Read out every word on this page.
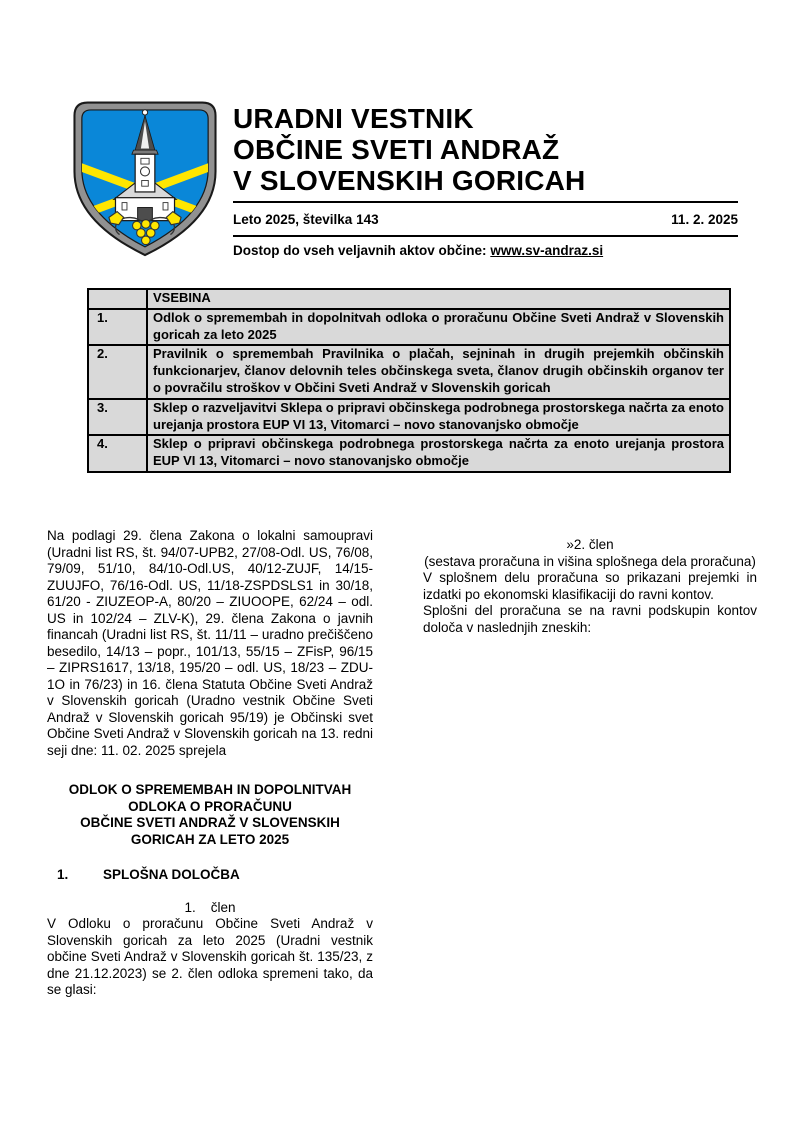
URADNI VESTNIK
OBČINE SVETI ANDRAŽ
V SLOVENSKIH GORICAH
Leto 2025, številka 143	11. 2. 2025
Dostop do vseh veljavnih aktov občine: www.sv-andraz.si
	VSEBINA
1.	Odlok o spremembah in dopolnitvah odloka o proračunu Občine Sveti Andraž v Slovenskih goricah za leto 2025
2.	Pravilnik o spremembah Pravilnika o plačah, sejninah in drugih prejemkih občinskih funkcionarjev, članov delovnih teles občinskega sveta, članov drugih občinskih organov ter o povračilu stroškov v Občini Sveti Andraž v Slovenskih goricah
3.	Sklep o razveljavitvi Sklepa o pripravi občinskega podrobnega prostorskega načrta za enoto urejanja prostora EUP VI 13, Vitomarci – novo stanovanjsko območje
4.	Sklep o pripravi občinskega podrobnega prostorskega načrta za enoto urejanja prostora EUP VI 13, Vitomarci – novo stanovanjsko območje

Na podlagi 29. člena Zakona o lokalni samoupravi (Uradni list RS, št. 94/07-UPB2, 27/08-Odl. US, 76/08, 79/09, 51/10, 84/10-Odl.US, 40/12-ZUJF, 14/15-ZUUJFO, 76/16-Odl. US, 11/18-ZSPDSLS1 in 30/18, 61/20 - ZIUZEOP-A, 80/20 – ZIUOOPE, 62/24 – odl. US in 102/24 – ZLV-K), 29. člena Zakona o javnih financah (Uradni list RS, št. 11/11 – uradno prečiščeno besedilo, 14/13 – popr., 101/13, 55/15 – ZFisP, 96/15 – ZIPRS1617, 13/18, 195/20 – odl. US, 18/23 – ZDU-1O in 76/23) in 16. člena Statuta Občine Sveti Andraž v Slovenskih goricah (Uradno vestnik Občine Sveti Andraž v Slovenskih goricah 95/19) je Občinski svet Občine Sveti Andraž v Slovenskih goricah na 13. redni seji dne: 11. 02. 2025 sprejela

ODLOK O SPREMEMBAH IN DOPOLNITVAH
ODLOKA O PRORAČUNU
OBČINE SVETI ANDRAŽ V SLOVENSKIH
GORICAH ZA LETO 2025
1.	SPLOŠNA DOLOČBA
1. člen

V Odloku o proračunu Občine Sveti Andraž v Slovenskih goricah za leto 2025 (Uradni vestnik občine Sveti Andraž v Slovenskih goricah št. 135/23, z dne 21.12.2023) se 2. člen odloka spremeni tako, da se glasi:

»2. člen
(sestava proračuna in višina splošnega dela proračuna)

V splošnem delu proračuna so prikazani prejemki in izdatki po ekonomski klasifikaciji do ravni kontov.

Splošni del proračuna se na ravni podskupin kontov določa v naslednjih zneskih:
